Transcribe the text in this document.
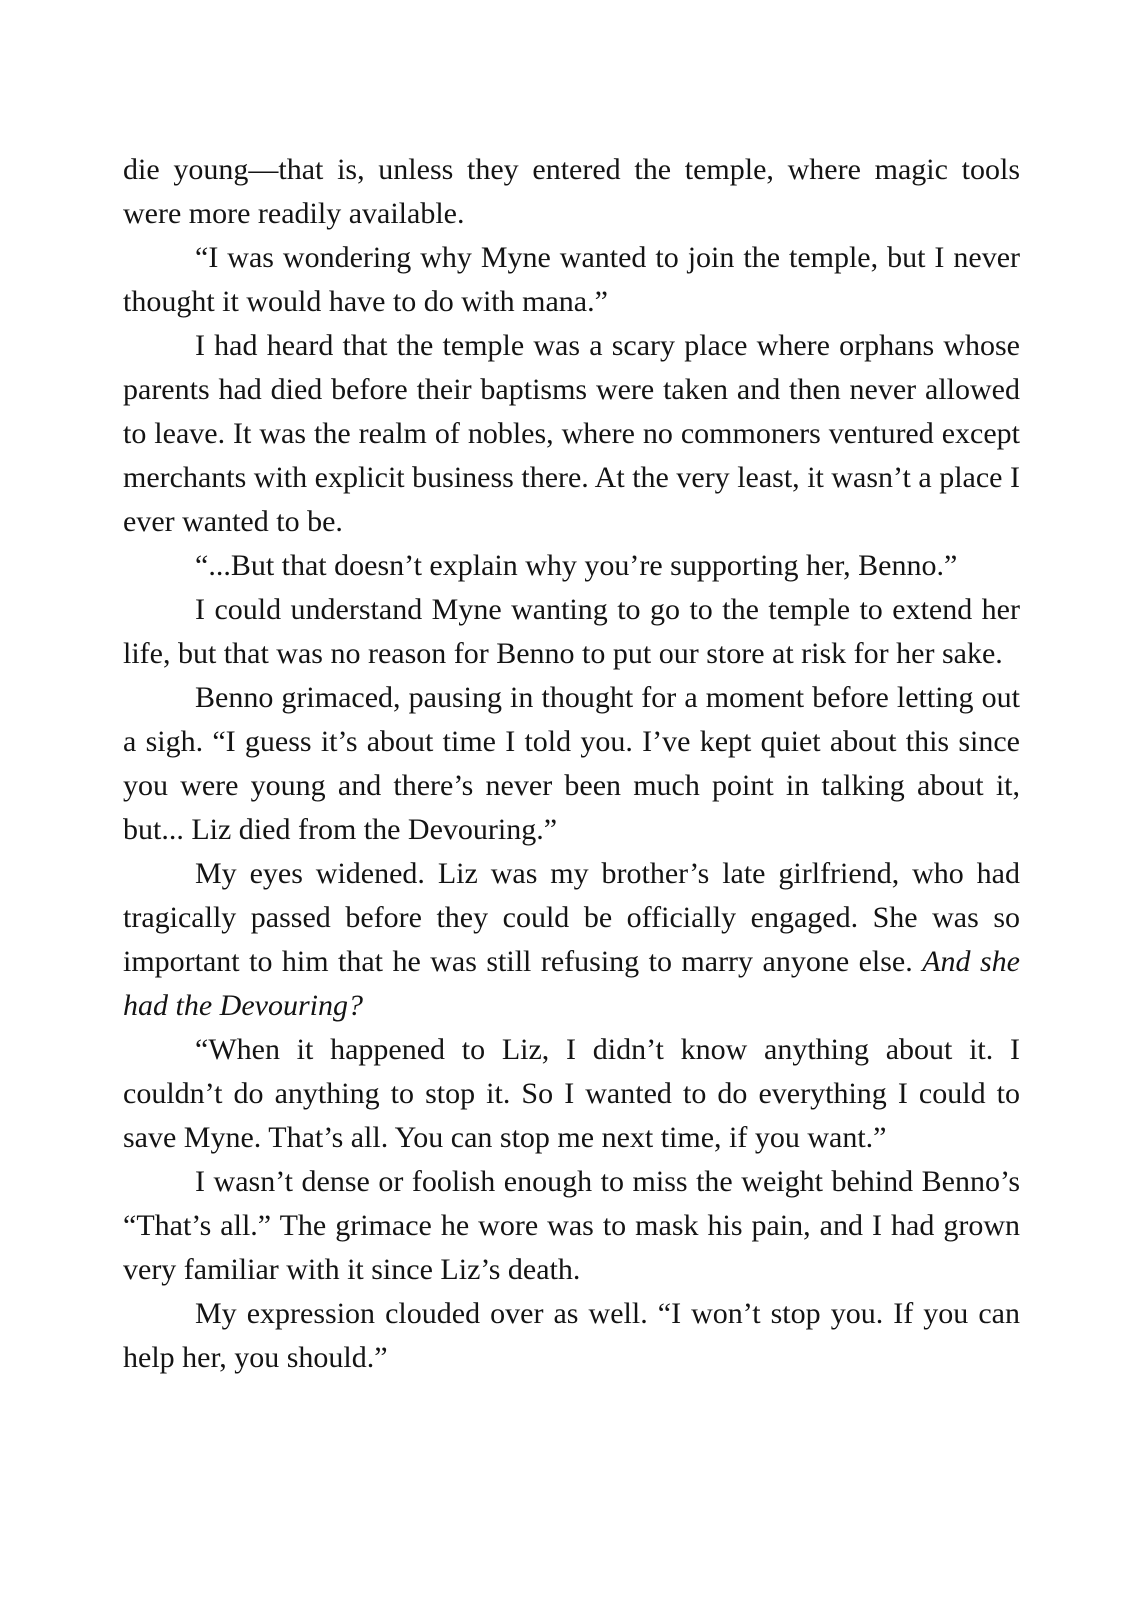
die young—that is, unless they entered the temple, where magic tools were more readily available.

“I was wondering why Myne wanted to join the temple, but I never thought it would have to do with mana.”

I had heard that the temple was a scary place where orphans whose parents had died before their baptisms were taken and then never allowed to leave. It was the realm of nobles, where no commoners ventured except merchants with explicit business there. At the very least, it wasn’t a place I ever wanted to be.

“...But that doesn’t explain why you’re supporting her, Benno.”

I could understand Myne wanting to go to the temple to extend her life, but that was no reason for Benno to put our store at risk for her sake.

Benno grimaced, pausing in thought for a moment before letting out a sigh. “I guess it’s about time I told you. I’ve kept quiet about this since you were young and there’s never been much point in talking about it, but... Liz died from the Devouring.”

My eyes widened. Liz was my brother’s late girlfriend, who had tragically passed before they could be officially engaged. She was so important to him that he was still refusing to marry anyone else. And she had the Devouring?

“When it happened to Liz, I didn’t know anything about it. I couldn’t do anything to stop it. So I wanted to do everything I could to save Myne. That’s all. You can stop me next time, if you want.”

I wasn’t dense or foolish enough to miss the weight behind Benno’s “That’s all.” The grimace he wore was to mask his pain, and I had grown very familiar with it since Liz’s death.

My expression clouded over as well. “I won’t stop you. If you can help her, you should.”
